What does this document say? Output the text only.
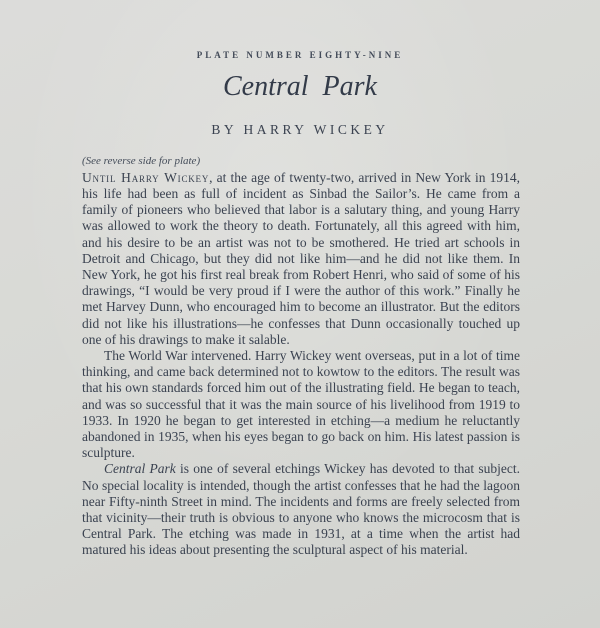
PLATE NUMBER EIGHTY-NINE
Central Park
BY HARRY WICKEY
(See reverse side for plate)

Until Harry Wickey, at the age of twenty-two, arrived in New York in 1914, his life had been as full of incident as Sinbad the Sailor’s. He came from a family of pioneers who believed that labor is a salutary thing, and young Harry was allowed to work the theory to death. Fortunately, all this agreed with him, and his desire to be an artist was not to be smothered. He tried art schools in Detroit and Chicago, but they did not like him—and he did not like them. In New York, he got his first real break from Robert Henri, who said of some of his drawings, “I would be very proud if I were the author of this work.” Finally he met Harvey Dunn, who encouraged him to become an illustrator. But the editors did not like his illustrations—he confesses that Dunn occasionally touched up one of his drawings to make it salable.

The World War intervened. Harry Wickey went overseas, put in a lot of time thinking, and came back determined not to kowtow to the editors. The result was that his own standards forced him out of the illustrating field. He began to teach, and was so successful that it was the main source of his livelihood from 1919 to 1933. In 1920 he began to get interested in etching—a medium he reluctantly abandoned in 1935, when his eyes began to go back on him. His latest passion is sculpture.

Central Park is one of several etchings Wickey has devoted to that subject. No special locality is intended, though the artist confesses that he had the lagoon near Fifty-ninth Street in mind. The incidents and forms are freely selected from that vicinity—their truth is obvious to anyone who knows the microcosm that is Central Park. The etching was made in 1931, at a time when the artist had matured his ideas about presenting the sculptural aspect of his material.
